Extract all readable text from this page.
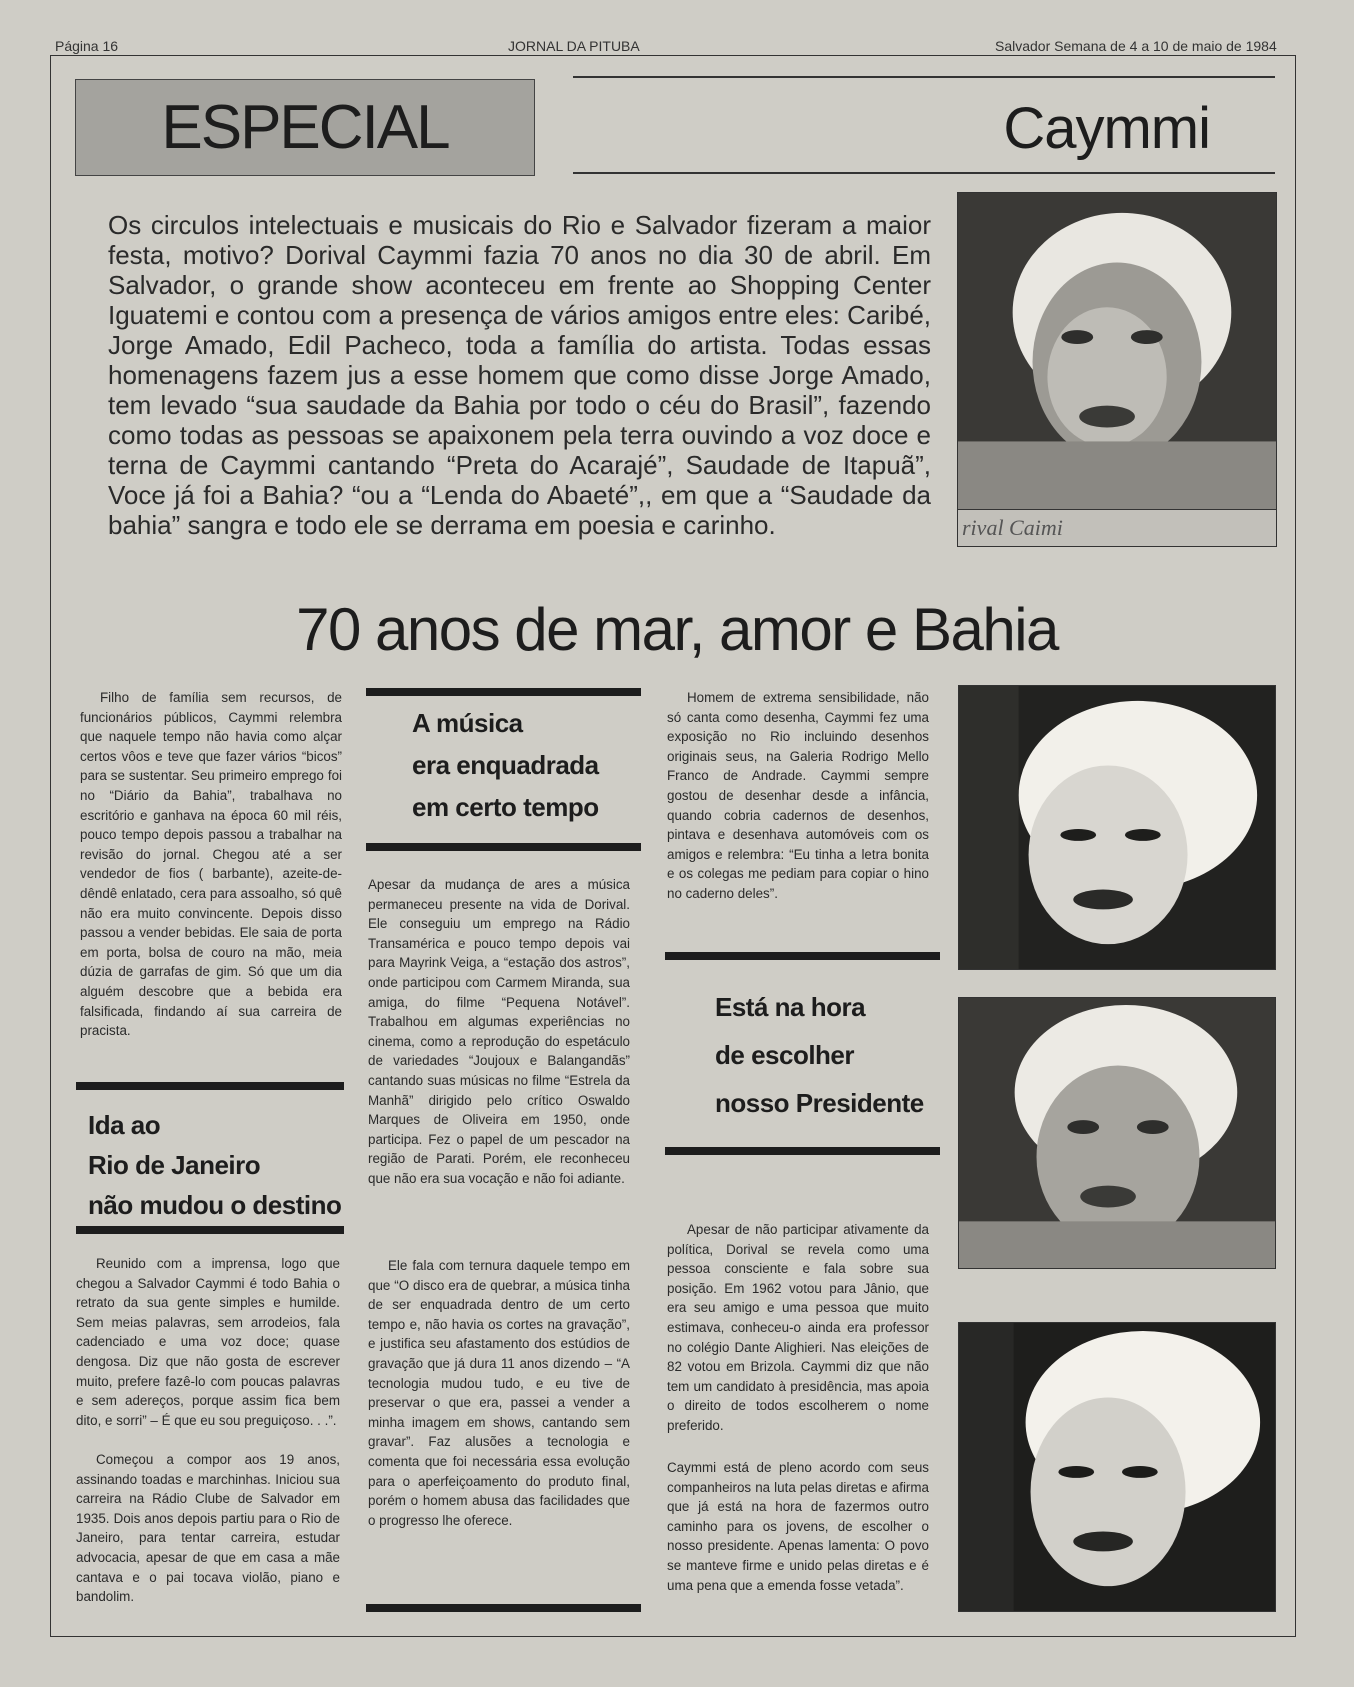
Página 16	JORNAL DA PITUBA	Salvador Semana de 4 a 10 de maio de 1984
ESPECIAL	Caymmi
Os circulos intelectuais e musicais do Rio e Salvador fizeram a maior festa, motivo? Dorival Caymmi fazia 70 anos no dia 30 de abril. Em Salvador, o grande show aconteceu em frente ao Shopping Center Iguatemi e contou com a presença de vários amigos entre eles: Caribé, Jorge Amado, Edil Pacheco, toda a família do artista. Todas essas homenagens fazem jus a esse homem que como disse Jorge Amado, tem levado “sua saudade da Bahia por todo o céu do Brasil”, fazendo como todas as pessoas se apaixonem pela terra ouvindo a voz doce e terna de Caymmi cantando “Preta do Acarajé”, Saudade de Itapuã”, Voce já foi a Bahia? “ou a “Lenda do Abaeté”,, em que a “Saudade da bahia” sangra e todo ele se derrama em poesia e carinho.	rival Caimi
70 anos de mar, amor e Bahia
Filho de família sem recursos, de funcionários públicos, Caymmi relembra que naquele tempo não havia como alçar certos vôos e teve que fazer vários “bicos” para se sustentar. Seu primeiro emprego foi no “Diário da Bahia”, trabalhava no escritório e ganhava na época 60 mil réis, pouco tempo depois passou a trabalhar na revisão do jornal. Chegou até a ser vendedor de fios ( barbante), azeite-de-dêndê enlatado, cera para assoalho, só quê não era muito convincente. Depois disso passou a vender bebidas. Ele saia de porta em porta, bolsa de couro na mão, meia dúzia de garrafas de gim. Só que um dia alguém descobre que a bebida era falsificada, findando aí sua carreira de pracista.
Ida ao
Rio de Janeiro
não mudou o destino
Reunido com a imprensa, logo que chegou a Salvador Caymmi é todo Bahia o retrato da sua gente simples e humilde. Sem meias palavras, sem arrodeios, fala cadenciado e uma voz doce; quase dengosa. Diz que não gosta de escrever muito, prefere fazê-lo com poucas palavras e sem adereços, porque assim fica bem dito, e sorri” – É que eu sou preguiçoso. . .”.
Começou a compor aos 19 anos, assinando toadas e marchinhas. Iniciou sua carreira na Rádio Clube de Salvador em 1935. Dois anos depois partiu para o Rio de Janeiro, para tentar carreira, estudar advocacia, apesar de que em casa a mãe cantava e o pai tocava violão, piano e bandolim.
A música
era enquadrada
em certo tempo
Apesar da mudança de ares a música permaneceu presente na vida de Dorival. Ele conseguiu um emprego na Rádio Transamérica e pouco tempo depois vai para Mayrink Veiga, a “estação dos astros”, onde participou com Carmem Miranda, sua amiga, do filme “Pequena Notável”. Trabalhou em algumas experiências no cinema, como a reprodução do espetáculo de variedades “Joujoux e Balangandãs” cantando suas músicas no filme “Estrela da Manhã” dirigido pelo crítico Oswaldo Marques de Oliveira em 1950, onde participa. Fez o papel de um pescador na região de Parati. Porém, ele reconheceu que não era sua vocação e não foi adiante.
Ele fala com ternura daquele tempo em que “O disco era de quebrar, a música tinha de ser enquadrada dentro de um certo tempo e, não havia os cortes na gravação”, e justifica seu afastamento dos estúdios de gravação que já dura 11 anos dizendo – “A tecnologia mudou tudo, e eu tive de preservar o que era, passei a vender a minha imagem em shows, cantando sem gravar”. Faz alusões a tecnologia e comenta que foi necessária essa evolução para o aperfeiçoamento do produto final, porém o homem abusa das facilidades que o progresso lhe oferece.
Homem de extrema sensibilidade, não só canta como desenha, Caymmi fez uma exposição no Rio incluindo desenhos originais seus, na Galeria Rodrigo Mello Franco de Andrade. Caymmi sempre gostou de desenhar desde a infância, quando cobria cadernos de desenhos, pintava e desenhava automóveis com os amigos e relembra: “Eu tinha a letra bonita e os colegas me pediam para copiar o hino no caderno deles”.
Está na hora
de escolher
nosso Presidente
Apesar de não participar ativamente da política, Dorival se revela como uma pessoa consciente e fala sobre sua posição. Em 1962 votou para Jânio, que era seu amigo e uma pessoa que muito estimava, conheceu-o ainda era professor no colégio Dante Alighieri. Nas eleições de 82 votou em Brizola. Caymmi diz que não tem um candidato à presidência, mas apoia o direito de todos escolherem o nome preferido.
Caymmi está de pleno acordo com seus companheiros na luta pelas diretas e afirma que já está na hora de fazermos outro caminho para os jovens, de escolher o nosso presidente. Apenas lamenta: O povo se manteve firme e unido pelas diretas e é uma pena que a emenda fosse vetada”.
